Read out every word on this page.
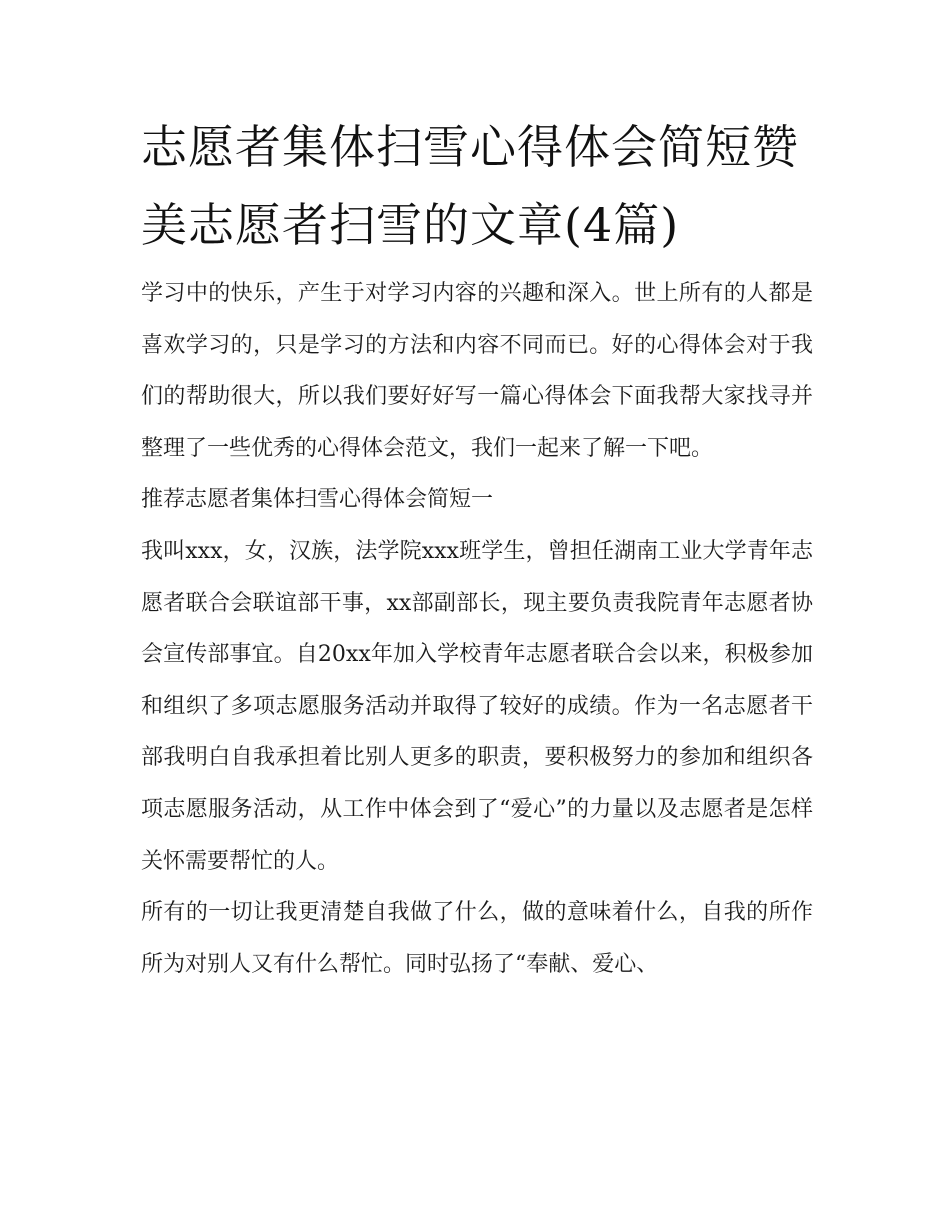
志愿者集体扫雪心得体会简短赞美志愿者扫雪的文章(4篇)

学习中的快乐，产生于对学习内容的兴趣和深入。世上所有的人都是喜欢学习的，只是学习的方法和内容不同而已。好的心得体会对于我们的帮助很大，所以我们要好好写一篇心得体会下面我帮大家找寻并整理了一些优秀的心得体会范文，我们一起来了解一下吧。

推荐志愿者集体扫雪心得体会简短一

我叫xxx，女，汉族，法学院xxx班学生，曾担任湖南工业大学青年志愿者联合会联谊部干事，xx部副部长，现主要负责我院青年志愿者协会宣传部事宜。自20xx年加入学校青年志愿者联合会以来，积极参加和组织了多项志愿服务活动并取得了较好的成绩。作为一名志愿者干部我明白自我承担着比别人更多的职责，要积极努力的参加和组织各项志愿服务活动，从工作中体会到了“爱心”的力量以及志愿者是怎样关怀需要帮忙的人。

所有的一切让我更清楚自我做了什么，做的意味着什么，自我的所作所为对别人又有什么帮忙。同时弘扬了“奉献、爱心、
